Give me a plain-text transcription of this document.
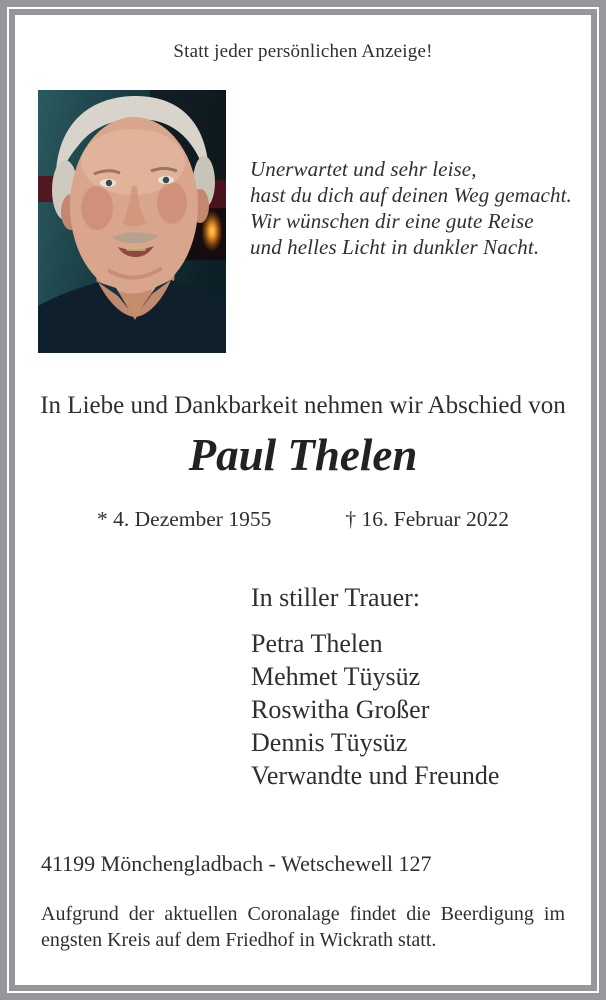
Statt jeder persönlichen Anzeige!
Unerwartet und sehr leise,
hast du dich auf deinen Weg gemacht.
Wir wünschen dir eine gute Reise
und helles Licht in dunkler Nacht.
In Liebe und Dankbarkeit nehmen wir Abschied von
Paul Thelen
* 4. Dezember 1955	† 16. Februar 2022
In stiller Trauer:
Petra Thelen
Mehmet Tüysüz
Roswitha Großer
Dennis Tüysüz
Verwandte und Freunde
41199 Mönchengladbach - Wetschewell 127
Aufgrund der aktuellen Coronalage findet die Beerdigung im
engsten Kreis auf dem Friedhof in Wickrath statt.
